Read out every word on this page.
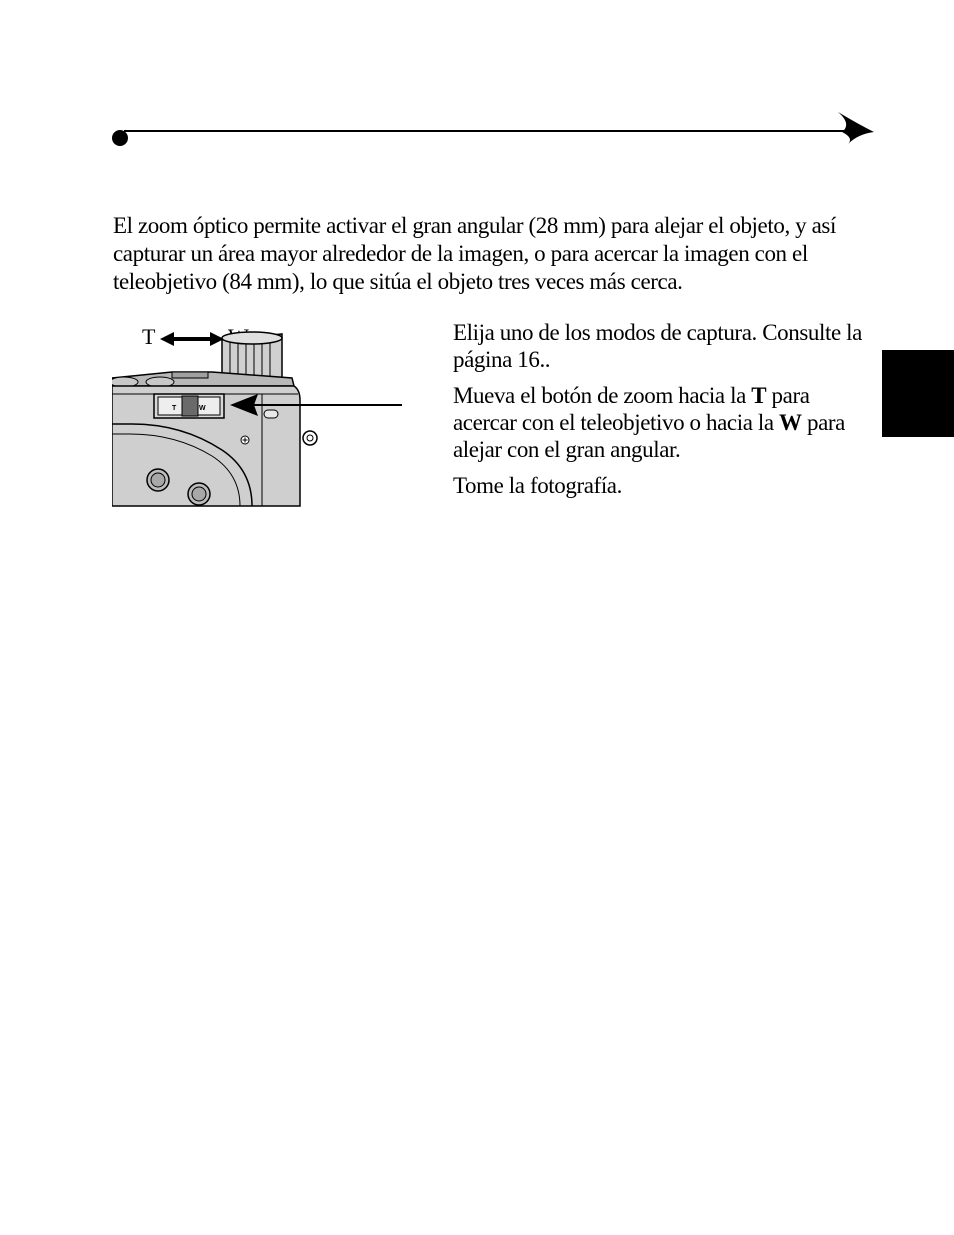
El zoom óptico permite activar el gran angular (28 mm) para alejar el objeto, y así capturar un área mayor alrededor de la imagen, o para acercar la imagen con el teleobjetivo (84 mm), lo que sitúa el objeto tres veces más cerca.

T
T	W
Elija uno de los modos de captura. Consulte la página 16..
Mueva el botón de zoom hacia la T para acercar con el teleobjetivo o hacia la W para alejar con el gran angular.
Tome la fotografía.
